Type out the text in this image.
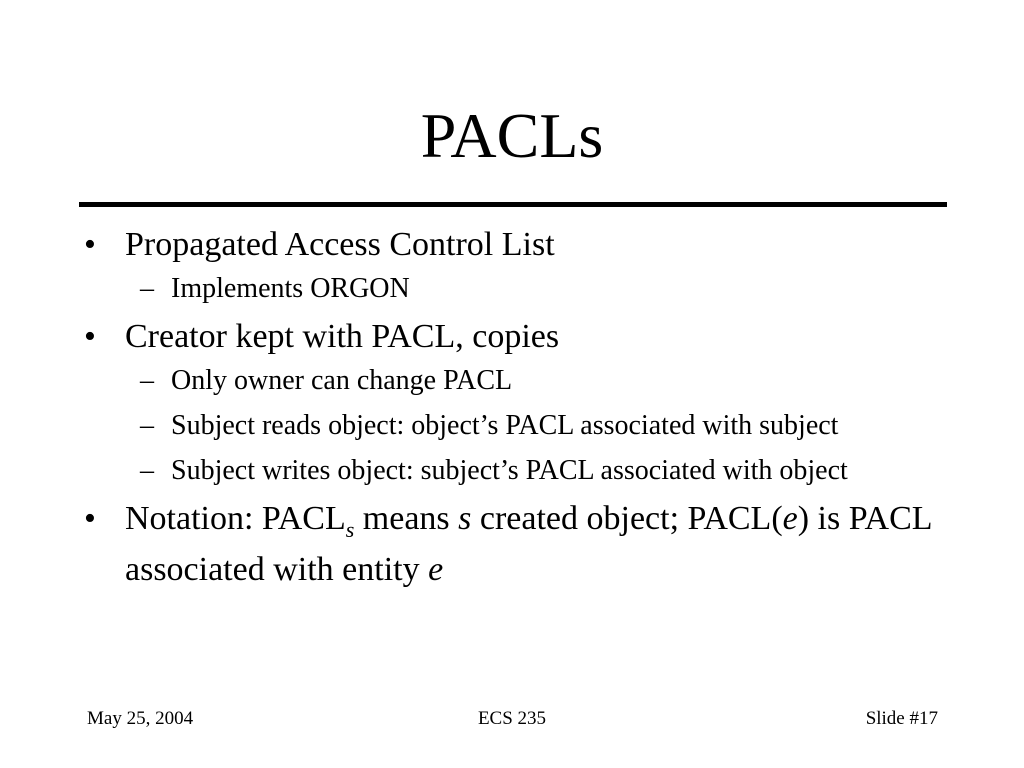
PACLs
• Propagated Access Control List
– Implements ORGON
• Creator kept with PACL, copies
– Only owner can change PACL
– Subject reads object: object’s PACL associated with subject
– Subject writes object: subject’s PACL associated with object
• Notation: $PACL_s$ means s created object; PACL(e) is PACL associated with entity e
May 25, 2004	ECS 235	Slide #17
